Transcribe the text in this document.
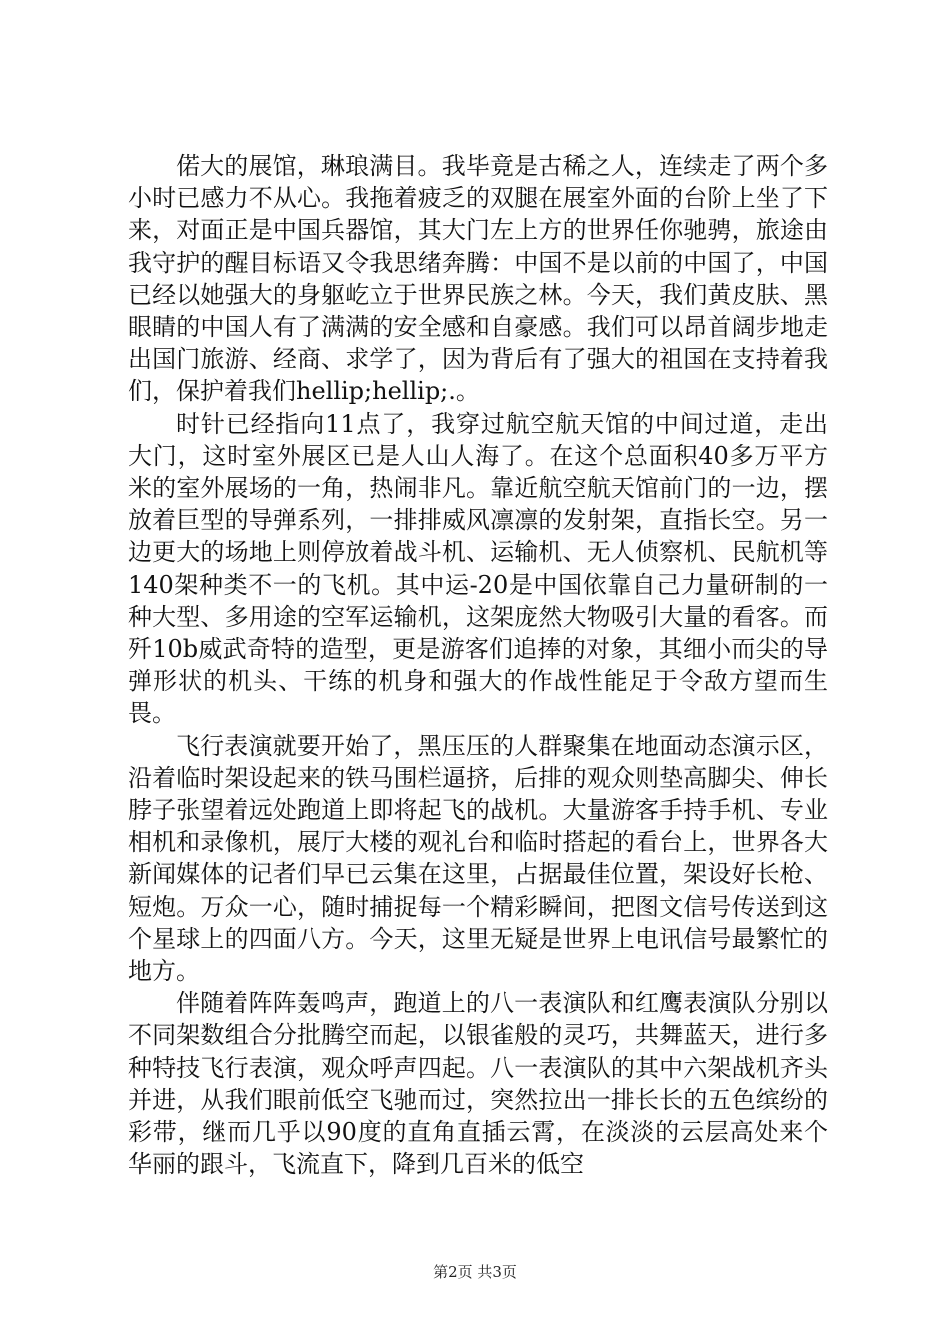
偌大的展馆，琳琅满目。我毕竟是古稀之人，连续走了两个多小时已感力不从心。我拖着疲乏的双腿在展室外面的台阶上坐了下来，对面正是中国兵器馆，其大门左上方的世界任你驰骋，旅途由我守护的醒目标语又令我思绪奔腾：中国不是以前的中国了，中国已经以她强大的身躯屹立于世界民族之林。今天，我们黄皮肤、黑眼睛的中国人有了满满的安全感和自豪感。我们可以昂首阔步地走出国门旅游、经商、求学了，因为背后有了强大的祖国在支持着我们，保护着我们hellip;hellip;.。

时针已经指向11点了，我穿过航空航天馆的中间过道，走出大门，这时室外展区已是人山人海了。在这个总面积40多万平方米的室外展场的一角，热闹非凡。靠近航空航天馆前门的一边，摆放着巨型的导弹系列，一排排威风凛凛的发射架，直指长空。另一边更大的场地上则停放着战斗机、运输机、无人侦察机、民航机等140架种类不一的飞机。其中运-20是中国依靠自己力量研制的一种大型、多用途的空军运输机，这架庞然大物吸引大量的看客。而歼10b威武奇特的造型，更是游客们追捧的对象，其细小而尖的导弹形状的机头、干练的机身和强大的作战性能足于令敌方望而生畏。

飞行表演就要开始了，黑压压的人群聚集在地面动态演示区，沿着临时架设起来的铁马围栏逼挤，后排的观众则垫高脚尖、伸长脖子张望着远处跑道上即将起飞的战机。大量游客手持手机、专业相机和录像机，展厅大楼的观礼台和临时搭起的看台上，世界各大新闻媒体的记者们早已云集在这里，占据最佳位置，架设好长枪、短炮。万众一心，随时捕捉每一个精彩瞬间，把图文信号传送到这个星球上的四面八方。今天，这里无疑是世界上电讯信号最繁忙的地方。

伴随着阵阵轰鸣声，跑道上的八一表演队和红鹰表演队分别以不同架数组合分批腾空而起，以银雀般的灵巧，共舞蓝天，进行多种特技飞行表演，观众呼声四起。八一表演队的其中六架战机齐头并进，从我们眼前低空飞驰而过，突然拉出一排长长的五色缤纷的彩带，继而几乎以90度的直角直插云霄，在淡淡的云层高处来个华丽的跟斗，飞流直下，降到几百米的低空

第2页 共3页
